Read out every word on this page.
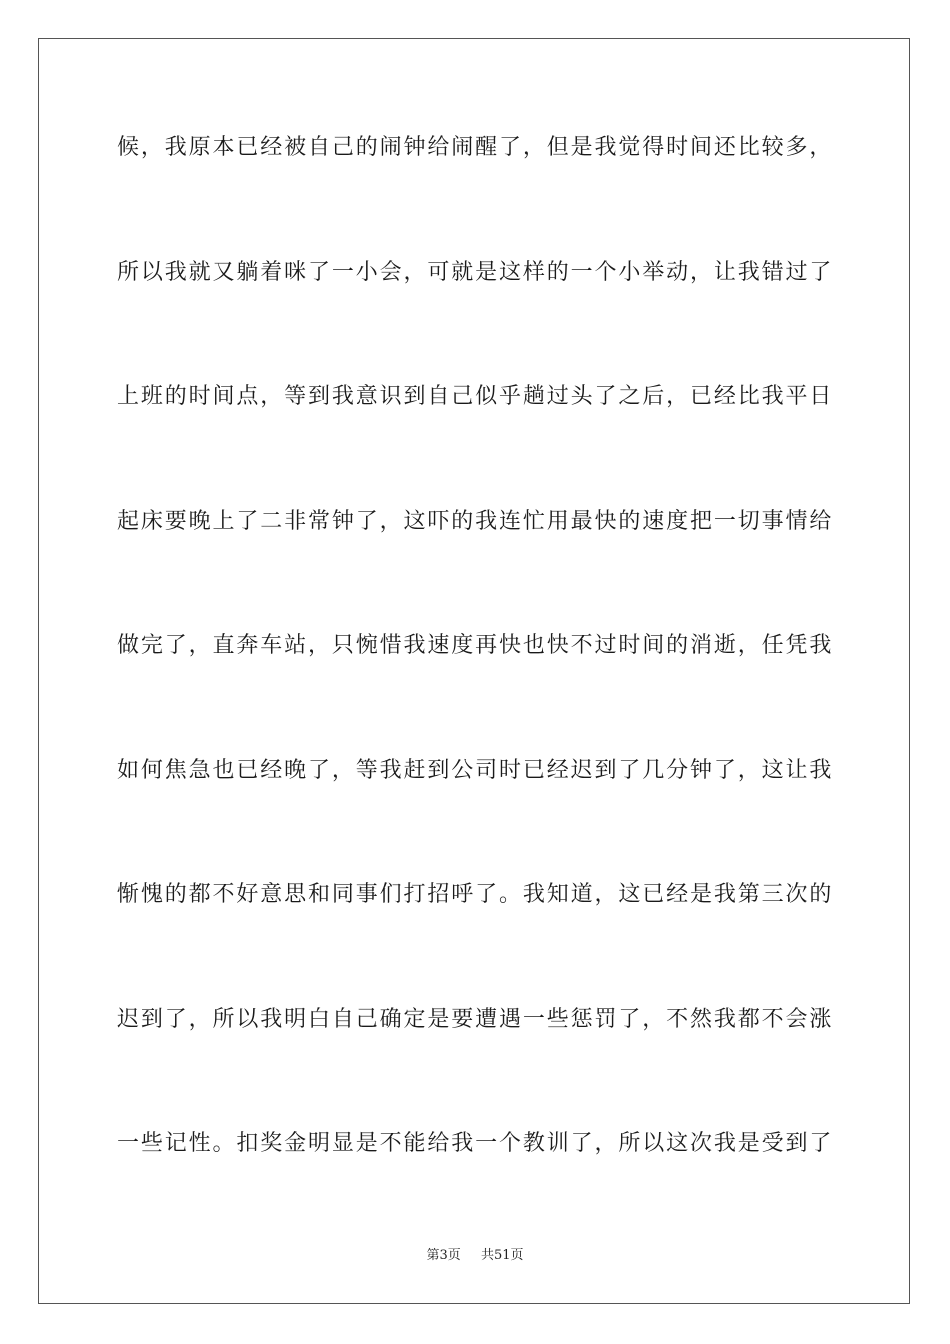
候，我原本已经被自己的闹钟给闹醒了，但是我觉得时间还比较多，
所以我就又躺着咪了一小会，可就是这样的一个小举动，让我错过了
上班的时间点，等到我意识到自己似乎趟过头了之后，已经比我平日
起床要晚上了二非常钟了，这吓的我连忙用最快的速度把一切事情给
做完了，直奔车站，只惋惜我速度再快也快不过时间的消逝，任凭我
如何焦急也已经晚了，等我赶到公司时已经迟到了几分钟了，这让我
惭愧的都不好意思和同事们打招呼了。我知道，这已经是我第三次的
迟到了，所以我明白自己确定是要遭遇一些惩罚了，不然我都不会涨
一些记性。扣奖金明显是不能给我一个教训了，所以这次我是受到了
第3页 共51页
